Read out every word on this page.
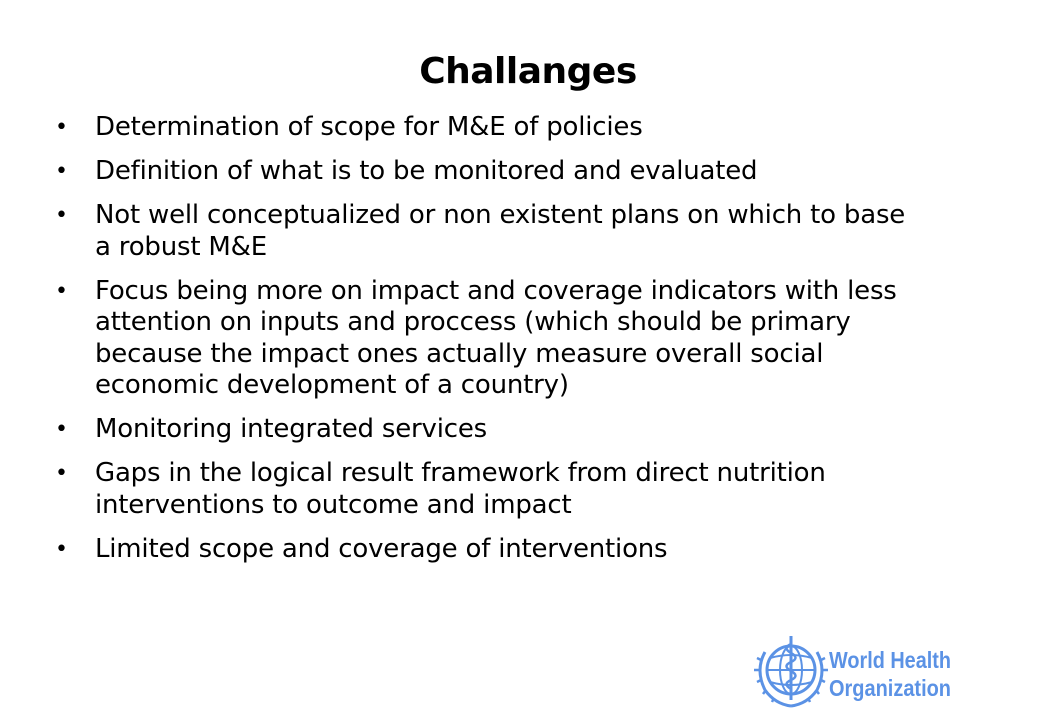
Challanges
• Determination of scope for M&E of policies
• Definition of what is to be monitored and evaluated
• Not well conceptualized or non existent plans on which to base a robust M&E
• Focus being more on impact and coverage indicators with less attention on inputs and proccess (which should be primary because the impact ones actually measure overall social economic development of a country)
• Monitoring integrated services
• Gaps in the logical result framework from direct nutrition interventions to outcome and impact
• Limited scope and coverage of interventions
World Health
Organization
